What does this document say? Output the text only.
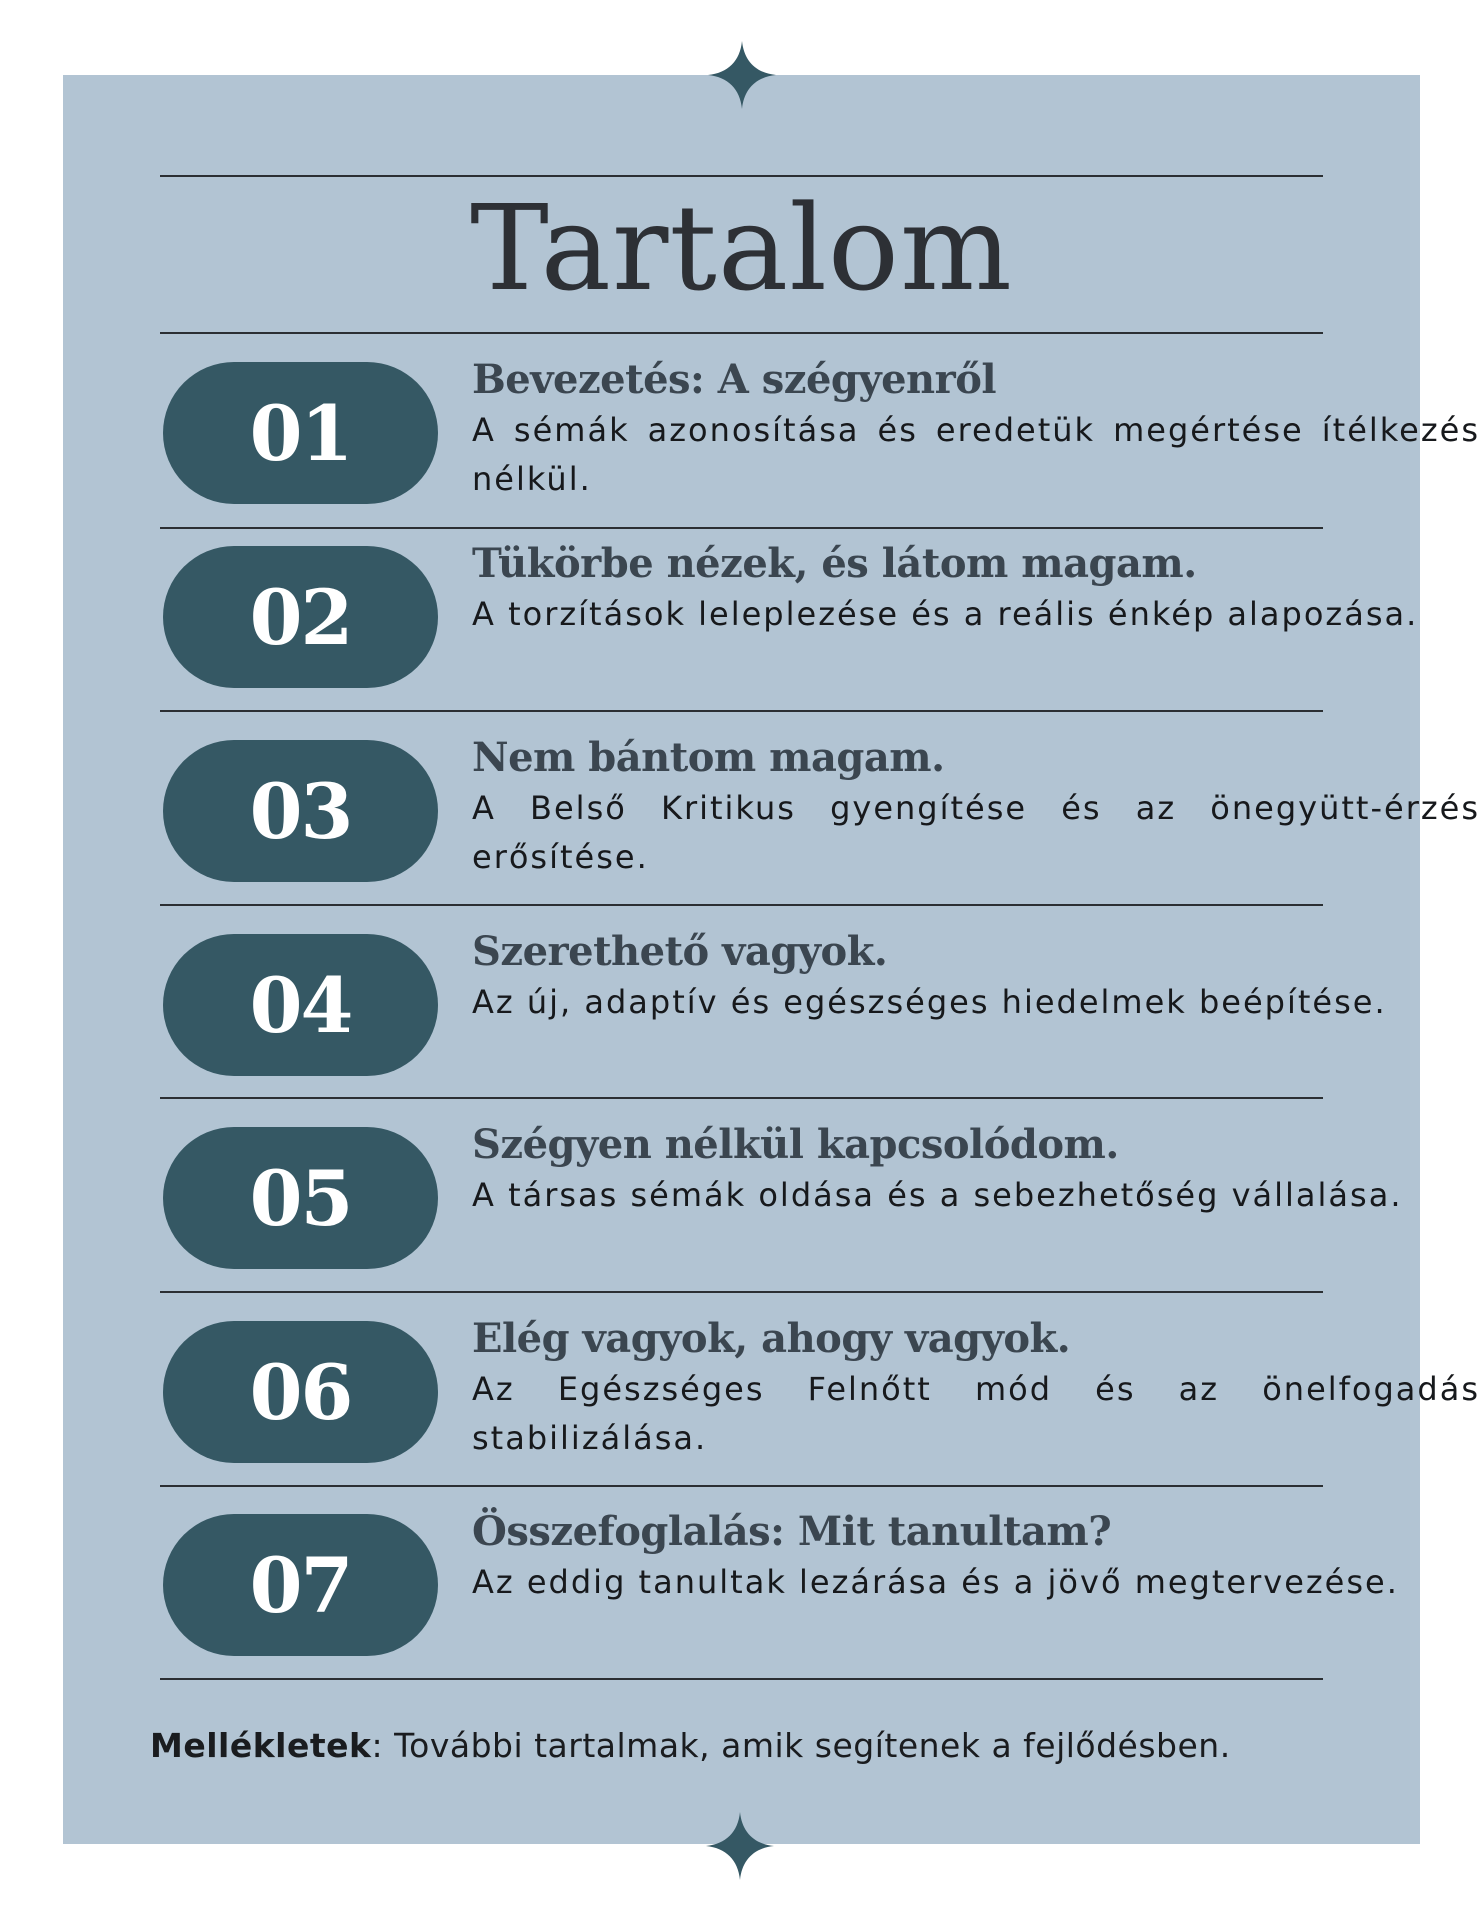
Tartalom
01
Bevezetés: A szégyenről
A sémák azonosítása és eredetük megértése ítélkezés nélkül.
02
Tükörbe nézek, és látom magam.
A torzítások leleplezése és a reális énkép alapozása.
03
Nem bántom magam.
A Belső Kritikus gyengítése és az önegyütt-érzés erősítése.
04
Szerethető vagyok.
Az új, adaptív és egészséges hiedelmek beépítése.
05
Szégyen nélkül kapcsolódom.
A társas sémák oldása és a sebezhetőség vállalása.
06
Elég vagyok, ahogy vagyok.
Az Egészséges Felnőtt mód és az önelfogadás stabilizálása.
07
Összefoglalás: Mit tanultam?
Az eddig tanultak lezárása és a jövő megtervezése.
Mellékletek: További tartalmak, amik segítenek a fejlődésben.
